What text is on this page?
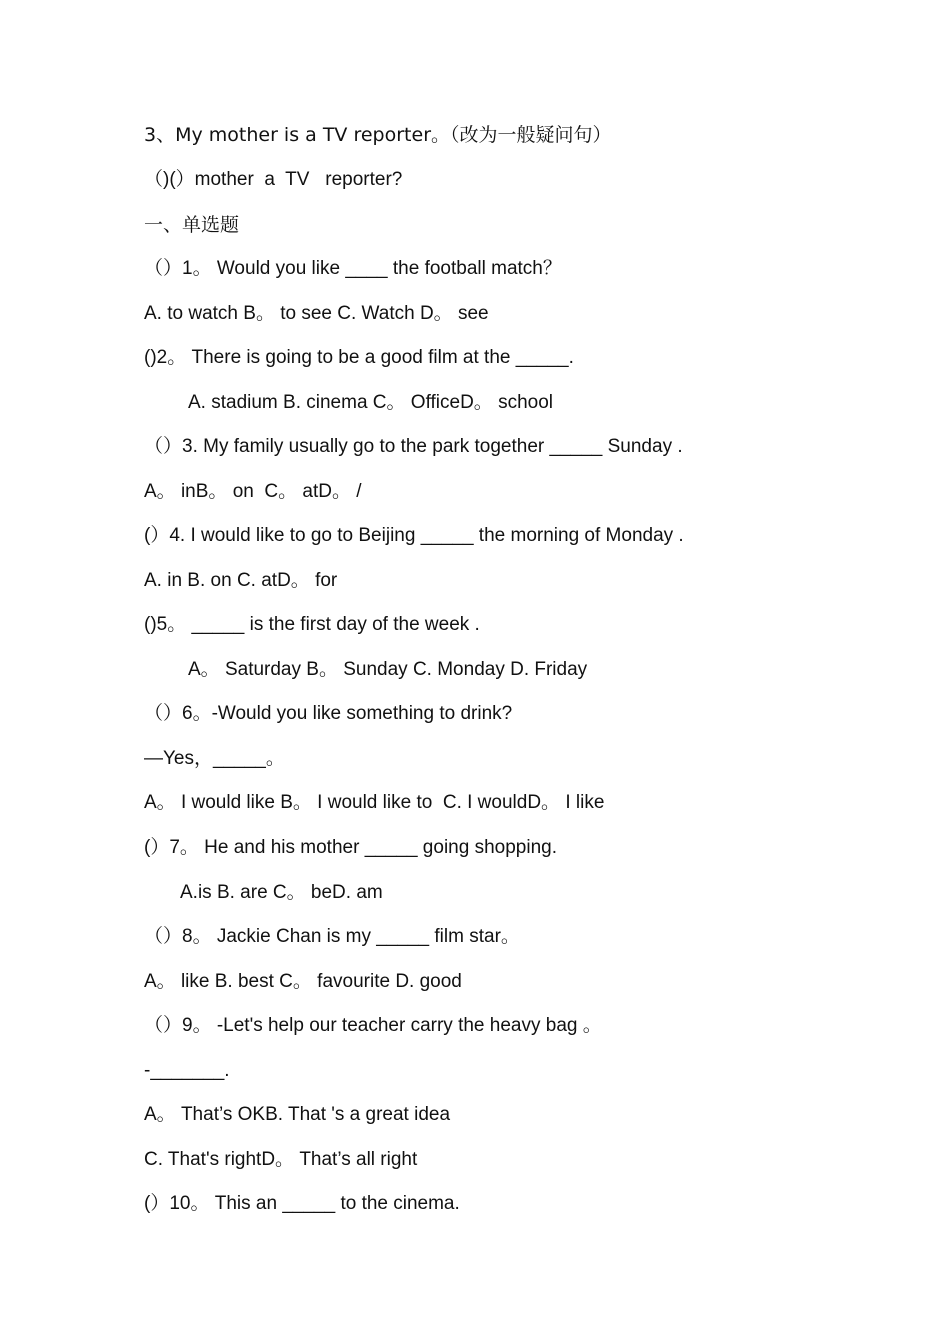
3、My mother is a TV reporter。（改为一般疑问句）
（)(）mother  a  TV   reporter?
一、单选题
（）1。 Would you like ____ the football match？
A. to watch B。 to see C. Watch D。 see
()2。 There is going to be a good film at the _____.
A. stadium B. cinema C。 OfficeD。 school
（）3. My family usually go to the park together _____ Sunday .
A。 inB。 on  C。 atD。 /
(）4. I would like to go to Beijing _____ the morning of Monday .
A. in B. on C. atD。 for
()5。 _____ is the first day of the week .
A。 Saturday B。 Sunday C. Monday D. Friday
（）6。-Would you like something to drink?
—Yes，_____。
A。 I would like B。 I would like to  C. I wouldD。 I like
(）7。 He and his mother _____ going shopping.
A.is B. are C。 beD. am
（）8。 Jackie Chan is my _____ film star。
A。 like B. best C。 favourite D. good
（）9。 -Let's help our teacher carry the heavy bag 。
-_______.
A。 That’s OKB. That 's a great idea
C. That's rightD。 That’s all right
(）10。 This an _____ to the cinema.
